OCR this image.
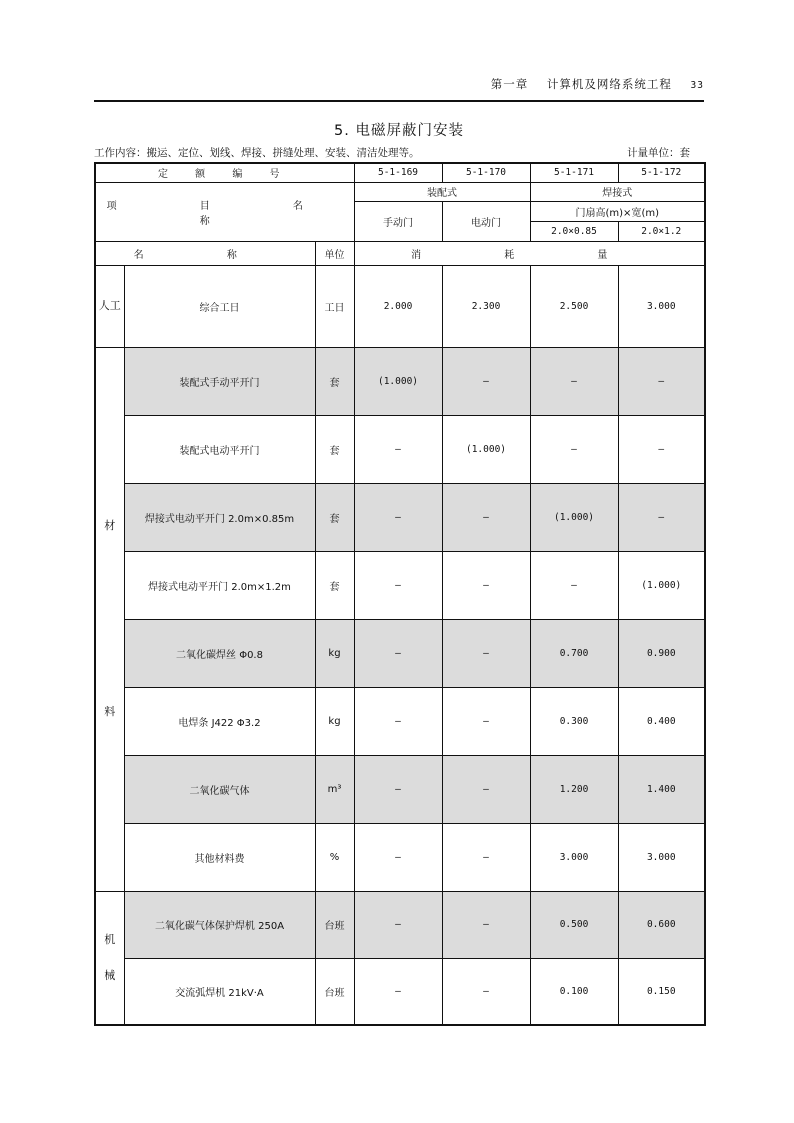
第一章 计算机及网络系统工程 33
5. 电磁屏蔽门安装
工作内容：搬运、定位、划线、焊接、拼缝处理、安装、清洁处理等。	计量单位：套
定 额 编 号			5-1-169	5-1-170	5-1-171	5-1-172
项 目 名 称			装配式		焊接式	
			手动门	电动门	门扇高(m)×宽(m)	
					2.0×0.85	2.0×1.2
名 称		单位	消 耗 量			
人工	综合工日	工日	2.000	2.300	2.500	3.000

材
料	装配式手动平开门	套	(1.000)	—	—	—
	装配式电动平开门	套	—	(1.000)	—	—
	焊接式电动平开门 2.0m×0.85m	套	—	—	(1.000)	—
	焊接式电动平开门 2.0m×1.2m	套	—	—	—	(1.000)
	二氧化碳焊丝 Φ0.8	kg	—	—	0.700	0.900
	电焊条 J422 Φ3.2	kg	—	—	0.300	0.400
	二氧化碳气体	m³	—	—	1.200	1.400
	其他材料费	%	—	—	3.000	3.000

机
械	二氧化碳气体保护焊机 250A	台班	—	—	0.500	0.600
	交流弧焊机 21kV·A	台班	—	—	0.100	0.150
